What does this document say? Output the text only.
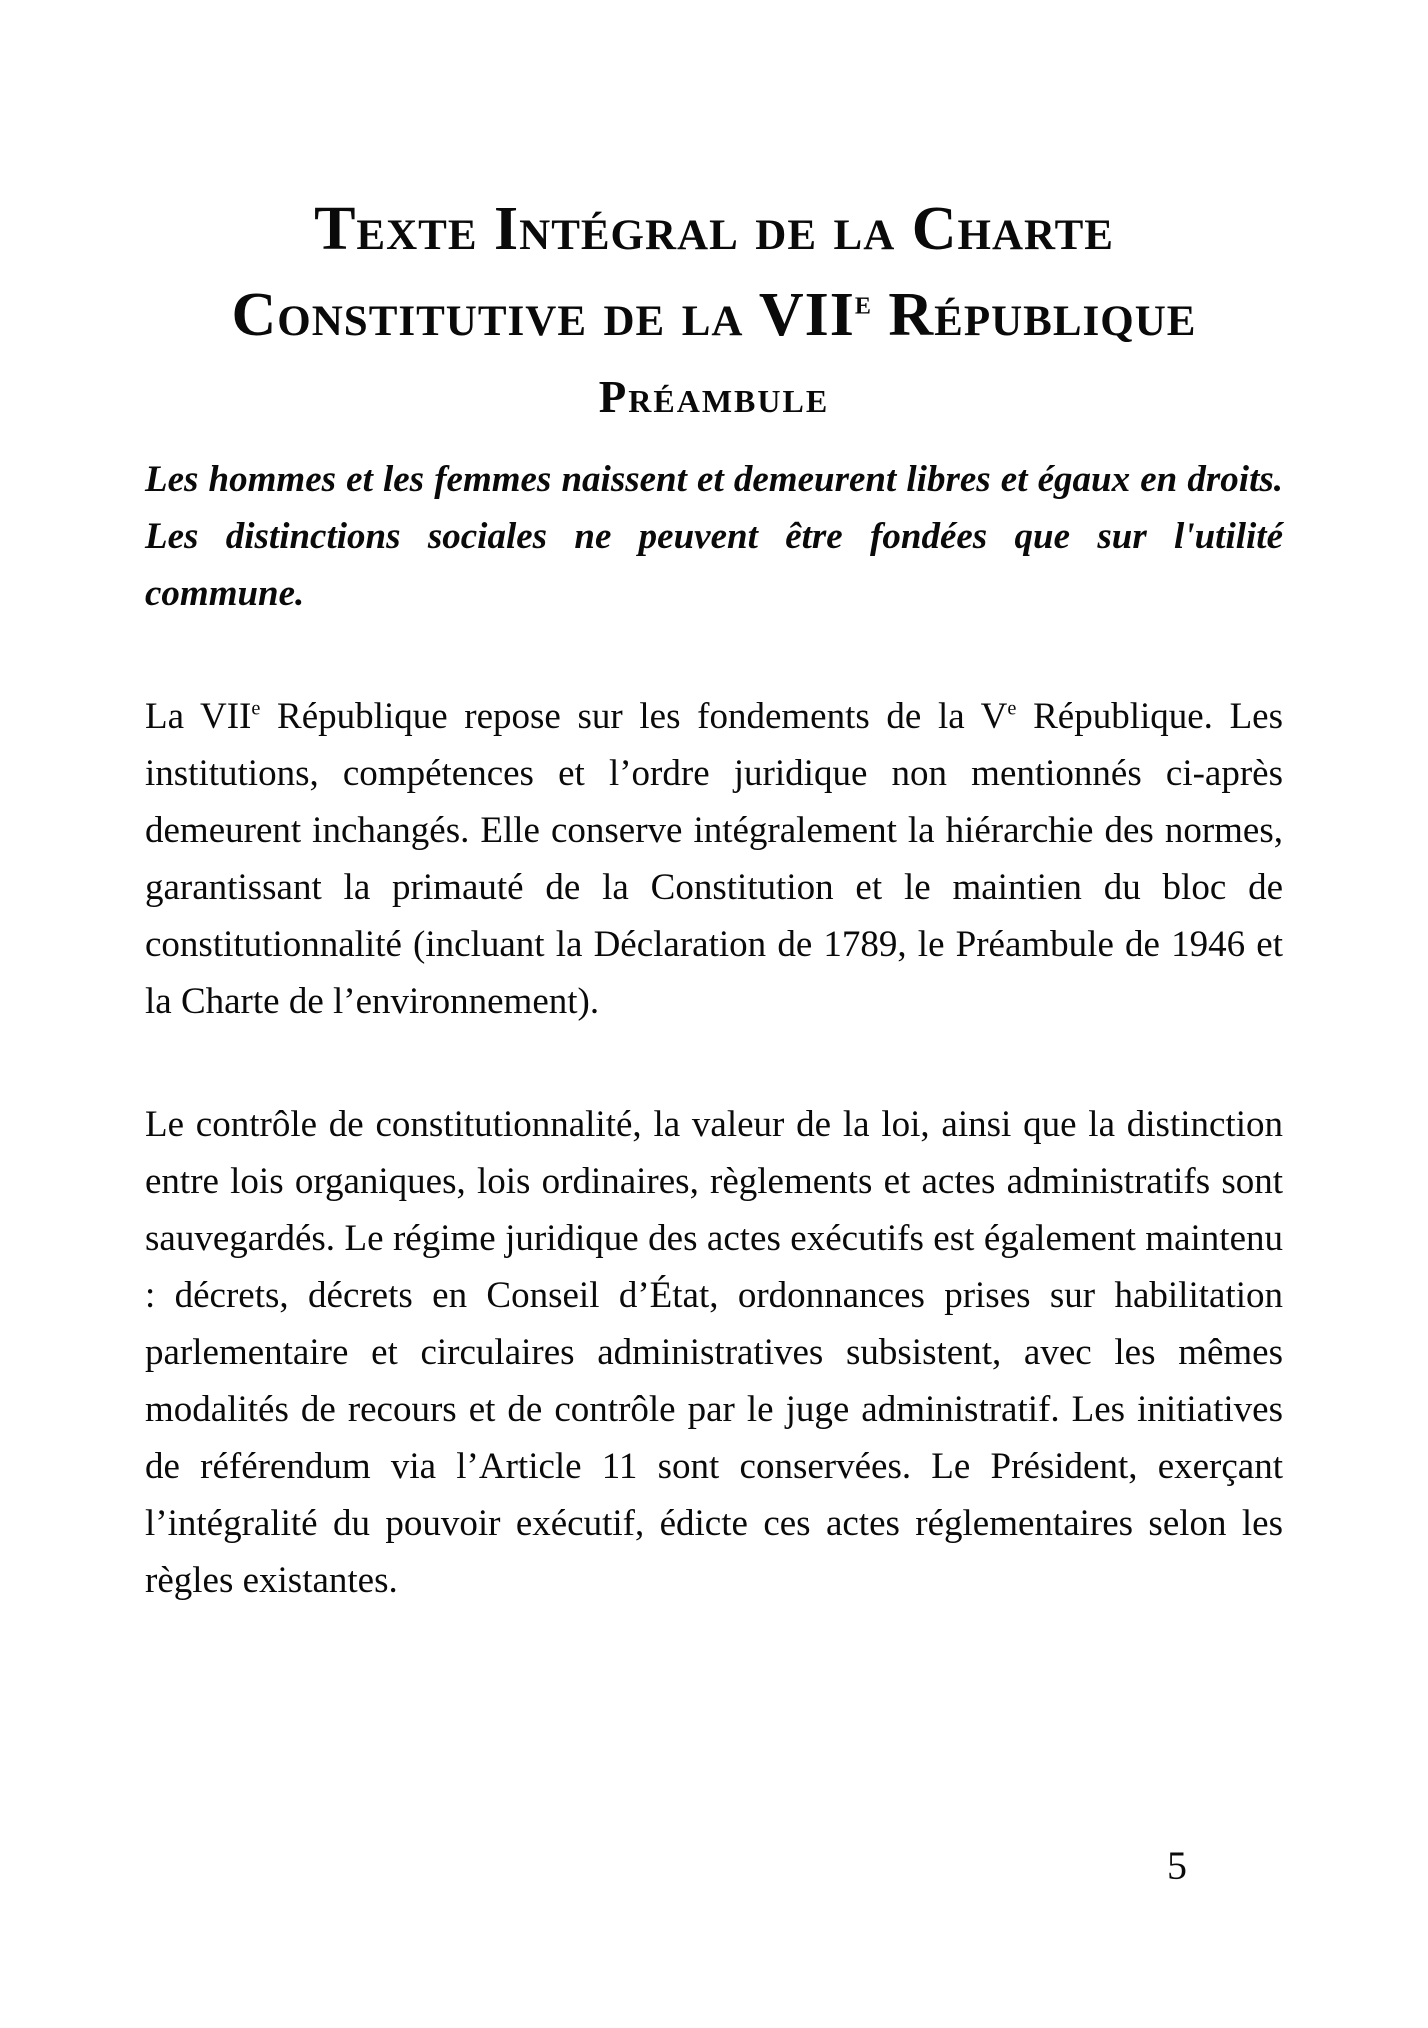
Texte Intégral de la Charte
Constitutive de la VIIe République
Préambule

Les hommes et les femmes naissent et demeurent libres et égaux en droits. Les distinctions sociales ne peuvent être fondées que sur l'utilité commune.

La VIIe République repose sur les fondements de la Ve République. Les institutions, compétences et l’ordre juridique non mentionnés ci-après demeurent inchangés. Elle conserve intégralement la hiérarchie des normes, garantissant la primauté de la Constitution et le maintien du bloc de constitutionnalité (incluant la Déclaration de 1789, le Préambule de 1946 et la Charte de l’environnement).

Le contrôle de constitutionnalité, la valeur de la loi, ainsi que la distinction entre lois organiques, lois ordinaires, règlements et actes administratifs sont sauvegardés. Le régime juridique des actes exécutifs est également maintenu : décrets, décrets en Conseil d’État, ordonnances prises sur habilitation parlementaire et circulaires administratives subsistent, avec les mêmes modalités de recours et de contrôle par le juge administratif. Les initiatives de référendum via l’Article 11 sont conservées. Le Président, exerçant l’intégralité du pouvoir exécutif, édicte ces actes réglementaires selon les règles existantes.

5
